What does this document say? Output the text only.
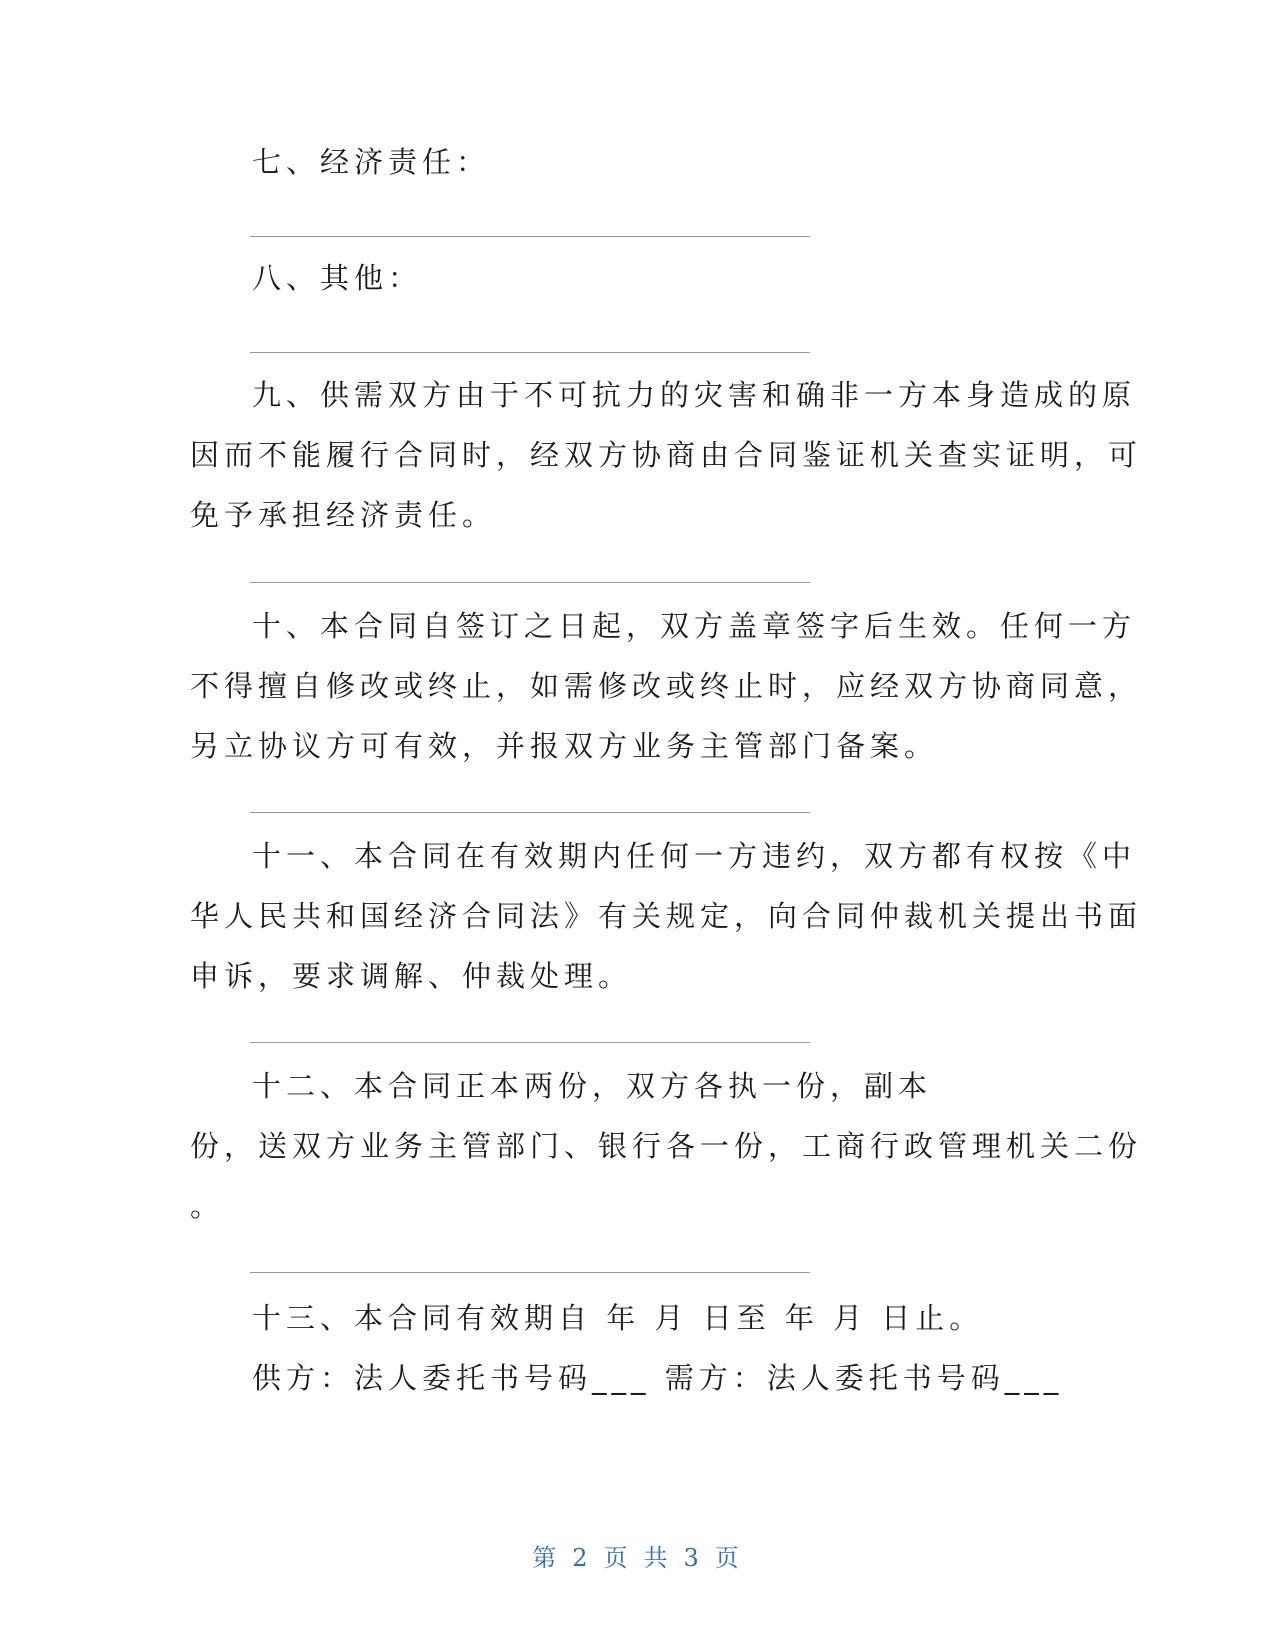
七、经济责任：

八、其他：

九、供需双方由于不可抗力的灾害和确非一方本身造成的原
因而不能履行合同时，经双方协商由合同鉴证机关查实证明，可
免予承担经济责任。

十、本合同自签订之日起，双方盖章签字后生效。任何一方
不得擅自修改或终止，如需修改或终止时，应经双方协商同意，
另立协议方可有效，并报双方业务主管部门备案。

十一、本合同在有效期内任何一方违约，双方都有权按《中
华人民共和国经济合同法》有关规定，向合同仲裁机关提出书面
申诉，要求调解、仲裁处理。

十二、本合同正本两份，双方各执一份，副本
份，送双方业务主管部门、银行各一份，工商行政管理机关二份
。

十三、本合同有效期自 年 月 日至 年 月 日止。
供方：法人委托书号码___ 需方：法人委托书号码___

第 2 页 共 3 页
